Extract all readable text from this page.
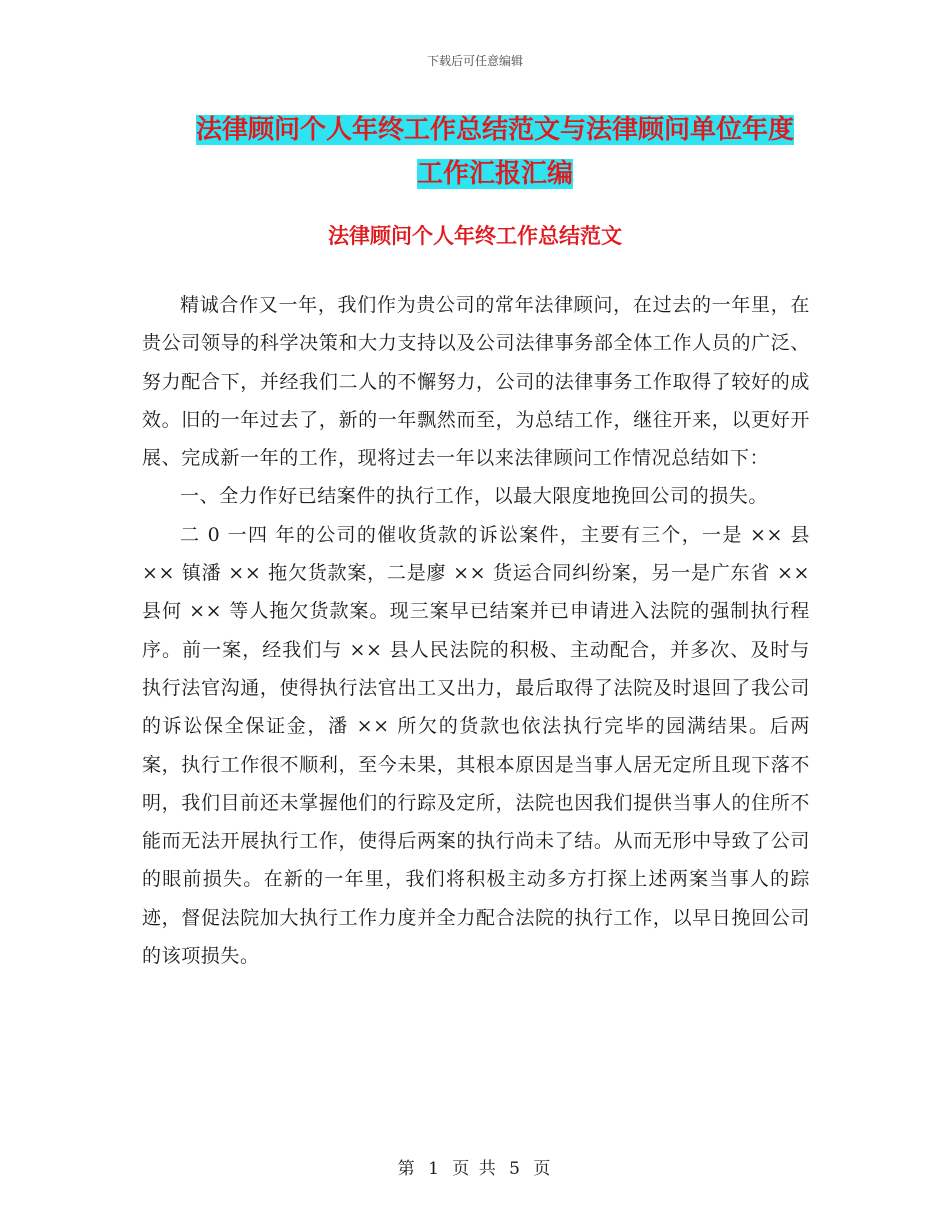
下载后可任意编辑
法律顾问个人年终工作总结范文与法律顾问单位年度
工作汇报汇编
法律顾问个人年终工作总结范文

精诚合作又一年，我们作为贵公司的常年法律顾问，在过去的一年里，在贵公司领导的科学决策和大力支持以及公司法律事务部全体工作人员的广泛、努力配合下，并经我们二人的不懈努力，公司的法律事务工作取得了较好的成效。旧的一年过去了，新的一年飘然而至，为总结工作，继往开来，以更好开展、完成新一年的工作，现将过去一年以来法律顾问工作情况总结如下：

一、全力作好已结案件的执行工作，以最大限度地挽回公司的损失。

二 0 一四 年的公司的催收货款的诉讼案件，主要有三个，一是 ×× 县 ×× 镇潘 ×× 拖欠货款案，二是廖 ×× 货运合同纠纷案，另一是广东省 ×× 县何 ×× 等人拖欠货款案。现三案早已结案并已申请进入法院的强制执行程序。前一案，经我们与 ×× 县人民法院的积极、主动配合，并多次、及时与执行法官沟通，使得执行法官出工又出力，最后取得了法院及时退回了我公司的诉讼保全保证金，潘 ×× 所欠的货款也依法执行完毕的园满结果。后两案，执行工作很不顺利，至今未果，其根本原因是当事人居无定所且现下落不明，我们目前还未掌握他们的行踪及定所，法院也因我们提供当事人的住所不能而无法开展执行工作，使得后两案的执行尚未了结。从而无形中导致了公司的眼前损失。在新的一年里，我们将积极主动多方打探上述两案当事人的踪迹，督促法院加大执行工作力度并全力配合法院的执行工作，以早日挽回公司的该项损失。

第 1 页 共 5 页
